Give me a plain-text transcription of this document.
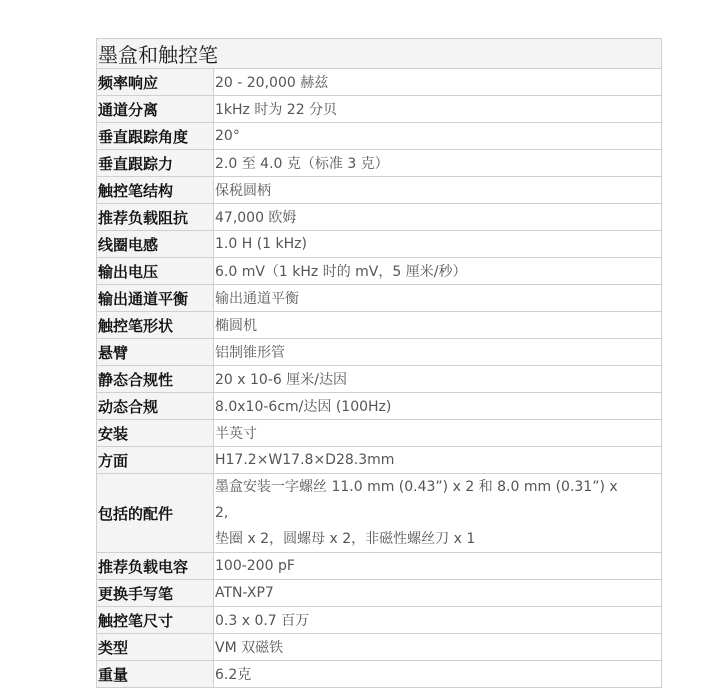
墨盒和触控笔	
频率响应	20 - 20,000 赫兹
通道分离	1kHz 时为 22 分贝
垂直跟踪角度	20°
垂直跟踪力	2.0 至 4.0 克（标准 3 克）
触控笔结构	保税圆柄
推荐负载阻抗	47,000 欧姆
线圈电感	1.0 H (1 kHz)
输出电压	6.0 mV（1 kHz 时的 mV，5 厘米/秒）
输出通道平衡	输出通道平衡
触控笔形状	椭圆机
悬臂	铝制锥形管
静态合规性	20 x 10-6 厘米/达因
动态合规	8.0x10-6cm/达因 (100Hz)
安装	半英寸
方面	H17.2×W17.8×D28.3mm
包括的配件	墨盒安装一字螺丝 11.0 mm (0.43”) x 2 和 8.0 mm (0.31”) x
2,
垫圈 x 2，圆螺母 x 2，非磁性螺丝刀 x 1

推荐负载电容	100-200 pF
更换手写笔	ATN-XP7
触控笔尺寸	0.3 x 0.7 百万
类型	VM 双磁铁
重量	6.2克
